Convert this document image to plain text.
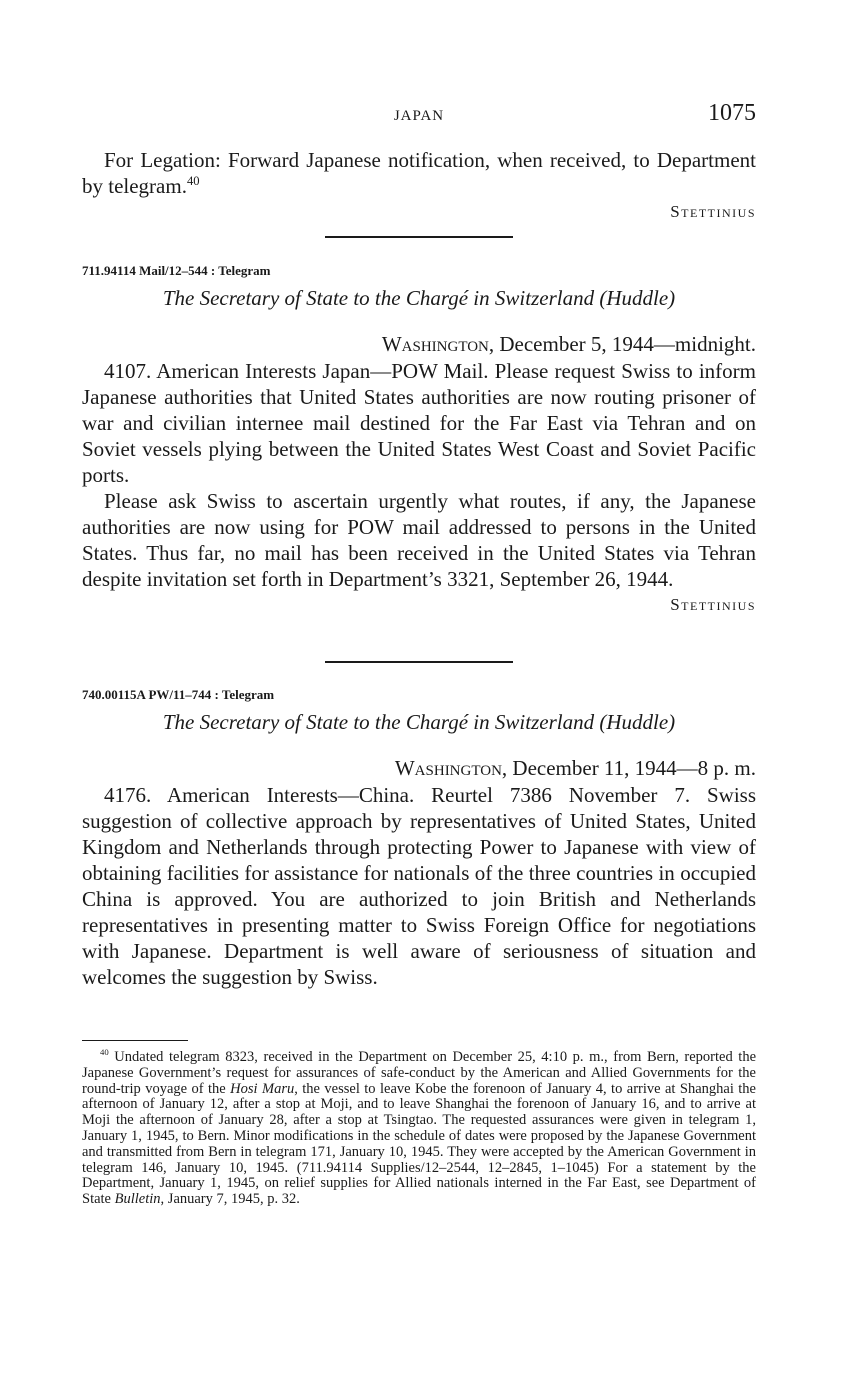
JAPAN	1075

For Legation: Forward Japanese notification, when received, to Department by telegram.$^{40}$

Stettinius

711.94114 Mail/12–544 : Telegram

The Secretary of State to the Chargé in Switzerland (Huddle)

Washington, December 5, 1944—midnight.

4107. American Interests Japan—POW Mail. Please request Swiss to inform Japanese authorities that United States authorities are now routing prisoner of war and civilian internee mail destined for the Far East via Tehran and on Soviet vessels plying between the United States West Coast and Soviet Pacific ports.

Please ask Swiss to ascertain urgently what routes, if any, the Japanese authorities are now using for POW mail addressed to persons in the United States. Thus far, no mail has been received in the United States via Tehran despite invitation set forth in Department’s 3321, September 26, 1944.

Stettinius

740.00115A PW/11–744 : Telegram

The Secretary of State to the Chargé in Switzerland (Huddle)

Washington, December 11, 1944—8 p. m.

4176. American Interests—China. Reurtel 7386 November 7. Swiss suggestion of collective approach by representatives of United States, United Kingdom and Netherlands through protecting Power to Japanese with view of obtaining facilities for assistance for nationals of the three countries in occupied China is approved. You are authorized to join British and Netherlands representatives in presenting matter to Swiss Foreign Office for negotiations with Japanese. Department is well aware of seriousness of situation and welcomes the suggestion by Swiss.

$^{40}$ Undated telegram 8323, received in the Department on December 25, 4:10 p. m., from Bern, reported the Japanese Government’s request for assurances of safe-conduct by the American and Allied Governments for the round-trip voyage of the Hosi Maru, the vessel to leave Kobe the forenoon of January 4, to arrive at Shanghai the afternoon of January 12, after a stop at Moji, and to leave Shanghai the forenoon of January 16, and to arrive at Moji the afternoon of January 28, after a stop at Tsingtao. The requested assurances were given in telegram 1, January 1, 1945, to Bern. Minor modifications in the schedule of dates were proposed by the Japanese Government and transmitted from Bern in telegram 171, January 10, 1945. They were accepted by the American Government in telegram 146, January 10, 1945. (711.94114 Supplies/12–2544, 12–2845, 1–1045) For a statement by the Department, January 1, 1945, on relief supplies for Allied nationals interned in the Far East, see Department of State Bulletin, January 7, 1945, p. 32.
